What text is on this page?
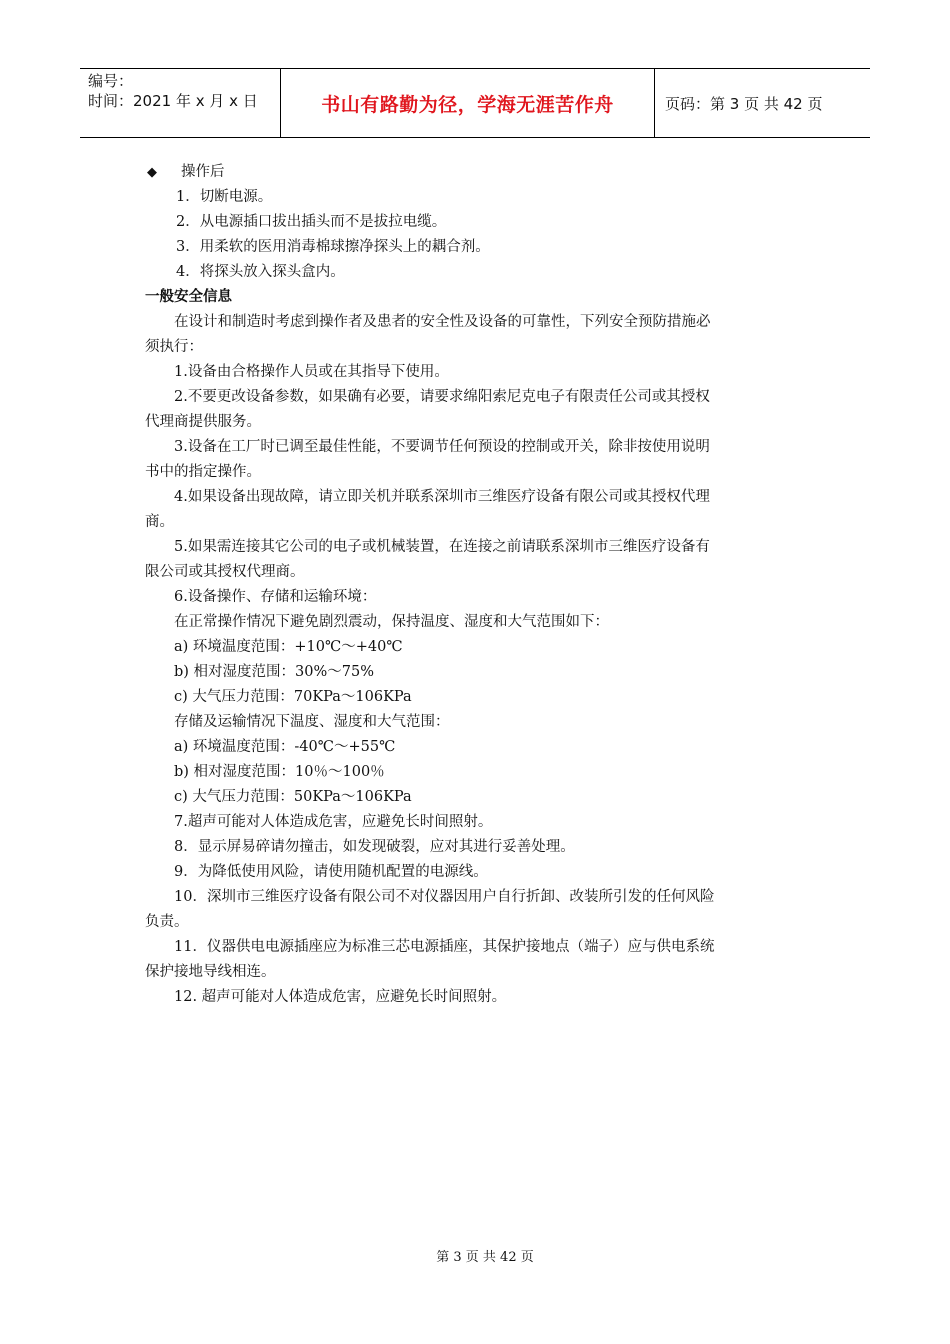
编号：
时间：2021 年 x 月 x 日	书山有路勤为径，学海无涯苦作舟	页码：第 3 页 共 42 页

◆ 操作后

1．切断电源。

2．从电源插口拔出插头而不是拔拉电缆。

3．用柔软的医用消毒棉球擦净探头上的耦合剂。

4．将探头放入探头盒内。

一般安全信息

在设计和制造时考虑到操作者及患者的安全性及设备的可靠性，下列安全预防措施必

须执行：

1.设备由合格操作人员或在其指导下使用。

2.不要更改设备参数，如果确有必要，请要求绵阳索尼克电子有限责任公司或其授权

代理商提供服务。

3.设备在工厂时已调至最佳性能，不要调节任何预设的控制或开关，除非按使用说明

书中的指定操作。

4.如果设备出现故障，请立即关机并联系深圳市三维医疗设备有限公司或其授权代理

商。

5.如果需连接其它公司的电子或机械装置，在连接之前请联系深圳市三维医疗设备有

限公司或其授权代理商。

6.设备操作、存储和运输环境：

在正常操作情况下避免剧烈震动，保持温度、湿度和大气范围如下：

a) 环境温度范围：+10℃～+40℃

b) 相对湿度范围：30%～75%

c) 大气压力范围：70KPa～106KPa

存储及运输情况下温度、湿度和大气范围：

a) 环境温度范围：-40℃～+55℃

b) 相对湿度范围：10％～100％

c) 大气压力范围：50KPa～106KPa

7.超声可能对人体造成危害，应避免长时间照射。

8．显示屏易碎请勿撞击，如发现破裂，应对其进行妥善处理。

9．为降低使用风险，请使用随机配置的电源线。

10．深圳市三维医疗设备有限公司不对仪器因用户自行折卸、改装所引发的任何风险

负责。

11．仪器供电电源插座应为标准三芯电源插座，其保护接地点（端子）应与供电系统

保护接地导线相连。

12. 超声可能对人体造成危害，应避免长时间照射。

第 3 页 共 42 页
